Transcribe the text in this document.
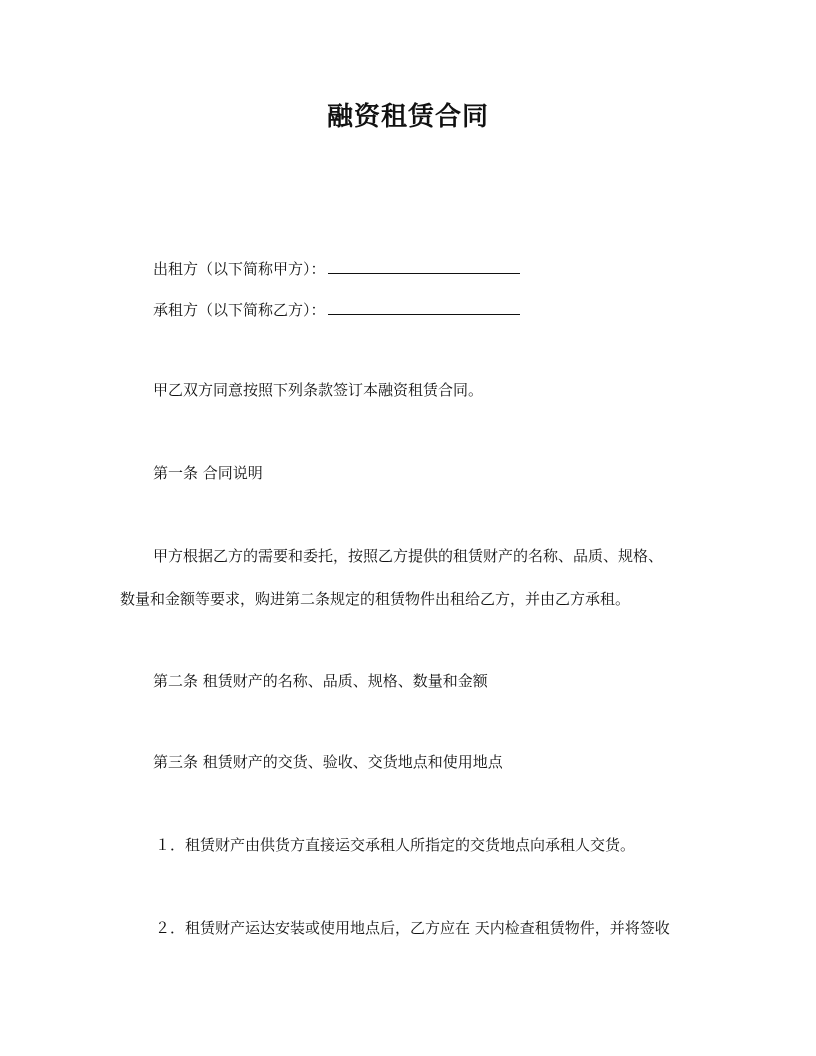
融资租赁合同
出租方（以下简称甲方）：
承租方（以下简称乙方）：
甲乙双方同意按照下列条款签订本融资租赁合同。
第一条 合同说明
甲方根据乙方的需要和委托，按照乙方提供的租赁财产的名称、品质、规格、
数量和金额等要求，购进第二条规定的租赁物件出租给乙方，并由乙方承租。
第二条 租赁财产的名称、品质、规格、数量和金额
第三条 租赁财产的交货、验收、交货地点和使用地点
１．租赁财产由供货方直接运交承租人所指定的交货地点向承租人交货。
２．租赁财产运达安装或使用地点后，乙方应在 天内检查租赁物件，并将签收
